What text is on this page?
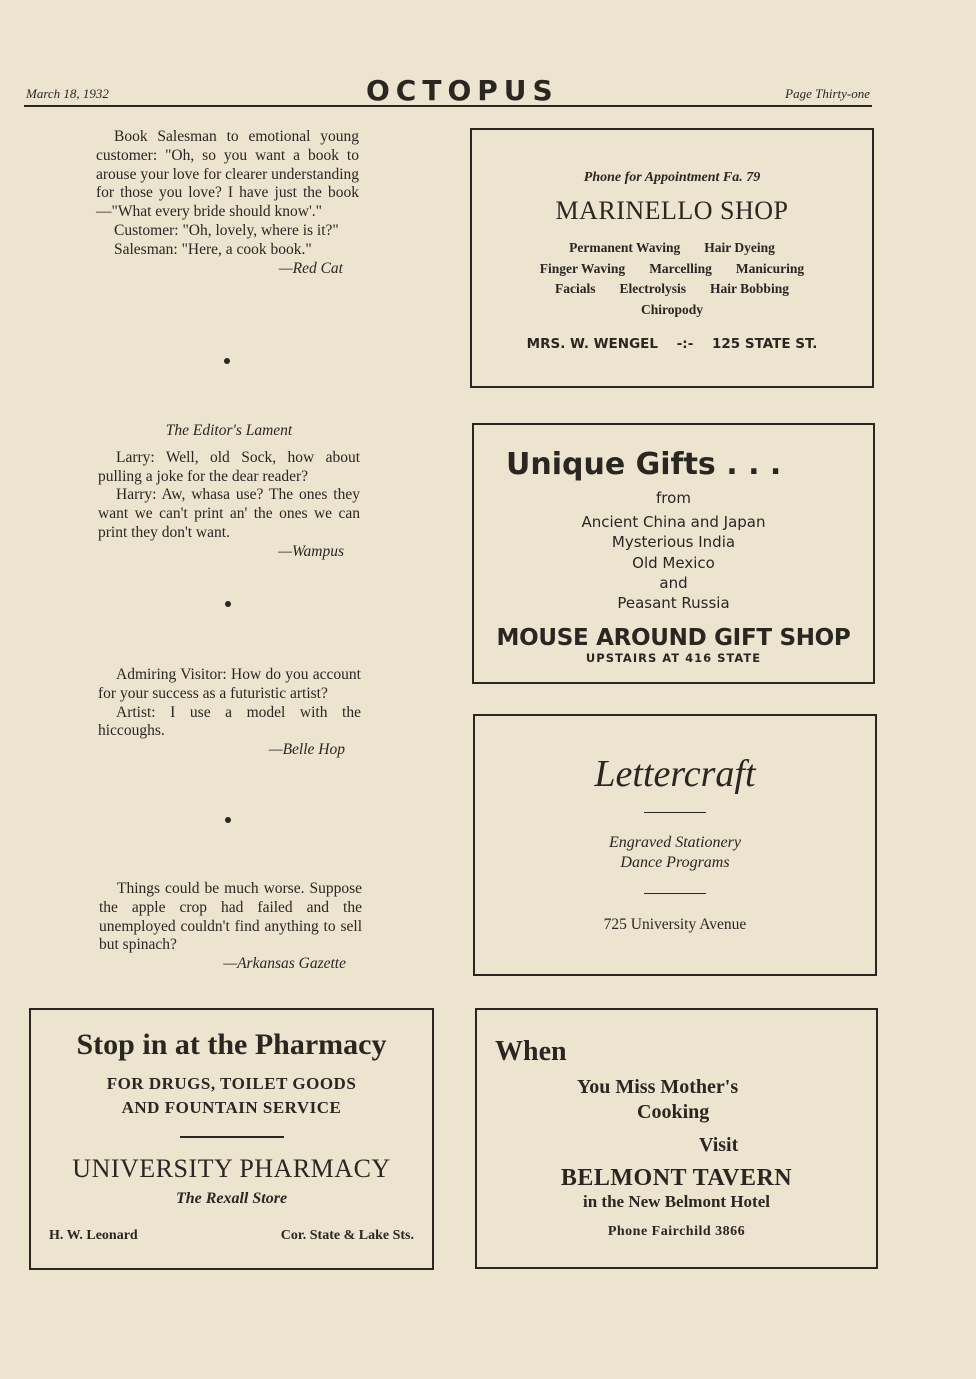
March 18, 1932	OCTOPUS	Page Thirty-one

Book Salesman to emotional young customer: "Oh, so you want a book to arouse your love for clearer understanding for those you love? I have just the book—"What every bride should know'."

Customer: "Oh, lovely, where is it?"

Salesman: "Here, a cook book."

—Red Cat

The Editor's Lament

Larry: Well, old Sock, how about pulling a joke for the dear reader?

Harry: Aw, whasa use? The ones they want we can't print an' the ones we can print they don't want.

—Wampus

Admiring Visitor: How do you account for your success as a futuristic artist?

Artist: I use a model with the hiccoughs.

—Belle Hop

Things could be much worse. Suppose the apple crop had failed and the unemployed couldn't find anything to sell but spinach?

—Arkansas Gazette

Phone for Appointment Fa. 79
MARINELLO SHOP
Permanent Waving Hair Dyeing
Finger Waving Marcelling Manicuring
Facials Electrolysis Hair Bobbing
Chiropody
MRS. W. WENGEL -:- 125 STATE ST.
Unique Gifts . . .
from
Ancient China and Japan
Mysterious India
Old Mexico
and
Peasant Russia
MOUSE AROUND GIFT SHOP
UPSTAIRS AT 416 STATE
Lettercraft
Engraved Stationery
Dance Programs
725 University Avenue
Stop in at the Pharmacy
FOR DRUGS, TOILET GOODS
AND FOUNTAIN SERVICE
UNIVERSITY PHARMACY
The Rexall Store
H. W. Leonard	Cor. State & Lake Sts.
When
You Miss Mother's
Cooking
Visit
BELMONT TAVERN
in the New Belmont Hotel
Phone Fairchild 3866
